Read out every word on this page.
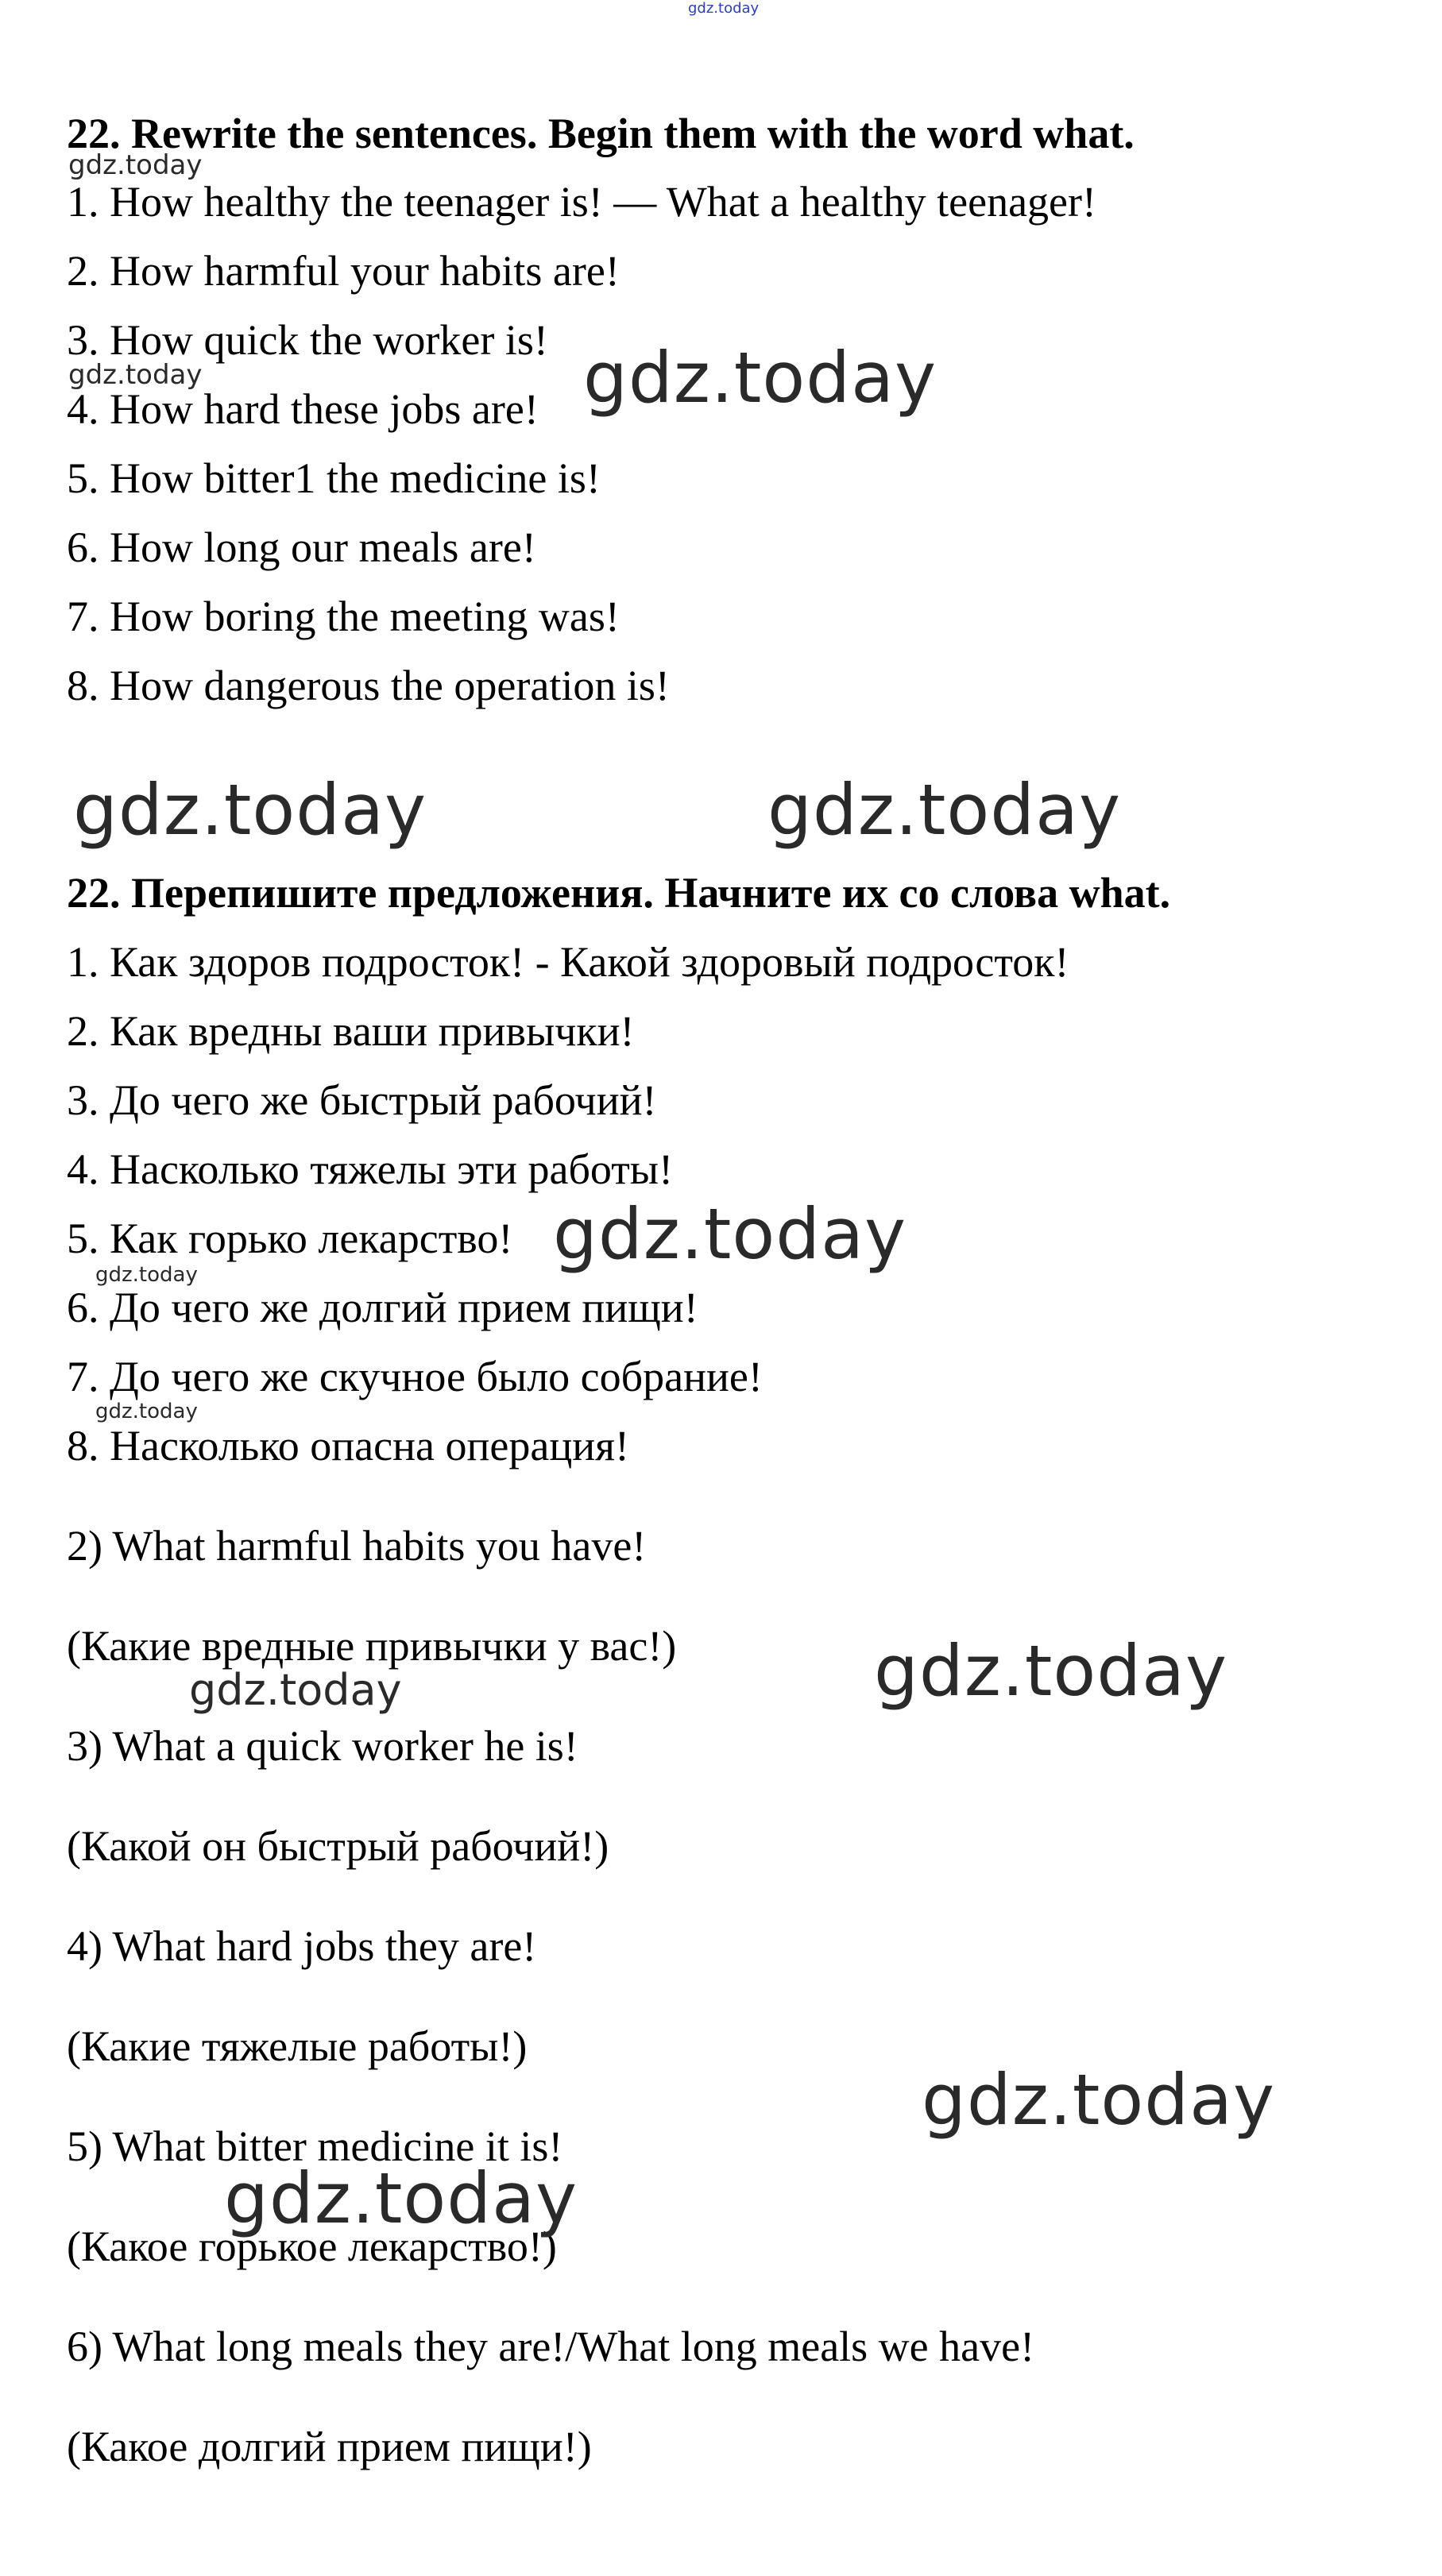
gdz.today
22. Rewrite the sentences. Begin them with the word what.
1. How healthy the teenager is! — What a healthy teenager!
2. How harmful your habits are!
3. How quick the worker is!
4. How hard these jobs are!
5. How bitter1 the medicine is!
6. How long our meals are!
7. How boring the meeting was!
8. How dangerous the operation is!
22. Перепишите предложения. Начните их со слова what.
1. Как здоров подросток! - Какой здоровый подросток!
2. Как вредны ваши привычки!
3. До чего же быстрый рабочий!
4. Насколько тяжелы эти работы!
5. Как горько лекарство!
6. До чего же долгий прием пищи!
7. До чего же скучное было собрание!
8. Насколько опасна операция!
2) What harmful habits you have!
(Какие вредные привычки у вас!)
3) What a quick worker he is!
(Какой он быстрый рабочий!)
4) What hard jobs they are!
(Какие тяжелые работы!)
5) What bitter medicine it is!
(Какое горькое лекарство!)
6) What long meals they are!/What long meals we have!
(Какое долгий прием пищи!)
gdz.today
gdz.today	gdz.today
gdz.today	gdz.today
gdz.today
gdz.today
gdz.today
gdz.today	gdz.today
gdz.today
gdz.today
